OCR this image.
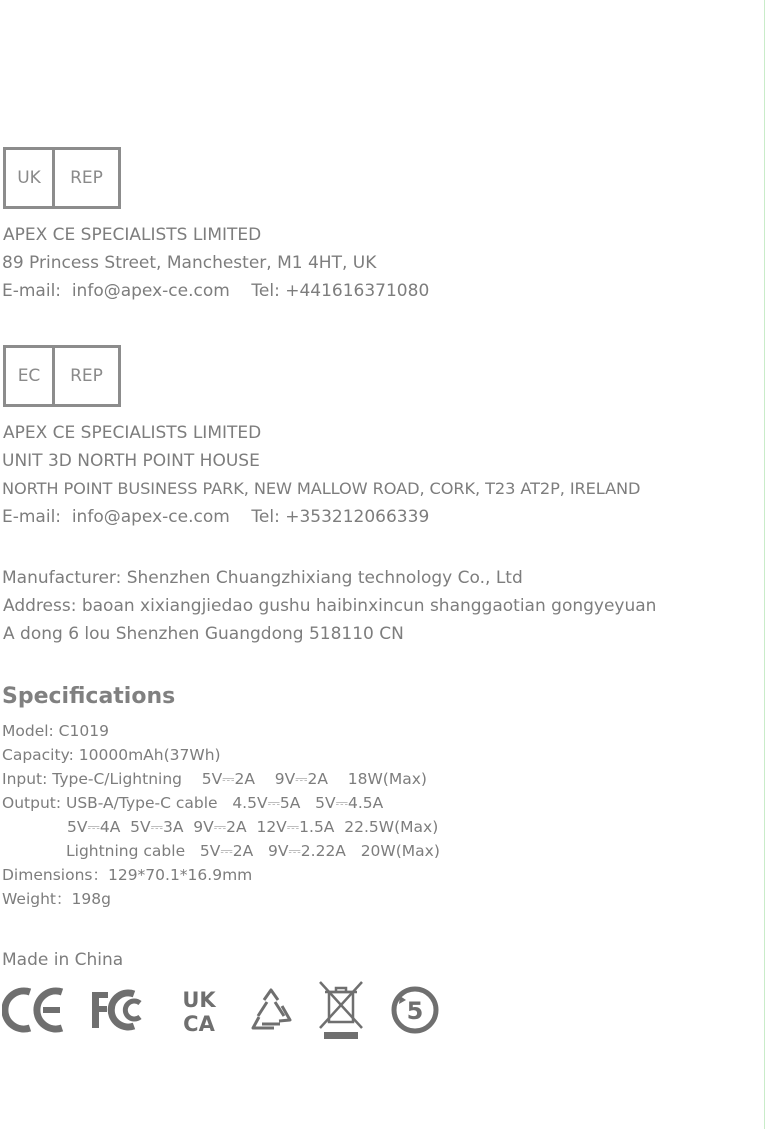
UK	REP
APEX CE SPECIALISTS LIMITED
89 Princess Street, Manchester, M1 4HT, UK
E-mail:  info@apex-ce.com    Tel: +441616371080
EC	REP
APEX CE SPECIALISTS LIMITED
UNIT 3D NORTH POINT HOUSE
NORTH POINT BUSINESS PARK, NEW MALLOW ROAD, CORK, T23 AT2P, IRELAND
E-mail:  info@apex-ce.com    Tel: +353212066339
Manufacturer: Shenzhen Chuangzhixiang technology Co., Ltd
Address: baoan xixiangjiedao gushu haibinxincun shanggaotian gongyeyuan
A dong 6 lou Shenzhen Guangdong 518110 CN
Specifications
Model: C1019
Capacity: 10000mAh(37Wh)
Input: Type-C/Lightning    5V⎓2A    9V⎓2A    18W(Max)
Output: USB-A/Type-C cable   4.5V⎓5A   5V⎓4.5A
5V⎓4A  5V⎓3A  9V⎓2A  12V⎓1.5A  22.5W(Max)
Lightning cable   5V⎓2A   9V⎓2.22A   20W(Max)
Dimensions：129*70.1*16.9mm
Weight：198g
Made in China
UK
CA	5
